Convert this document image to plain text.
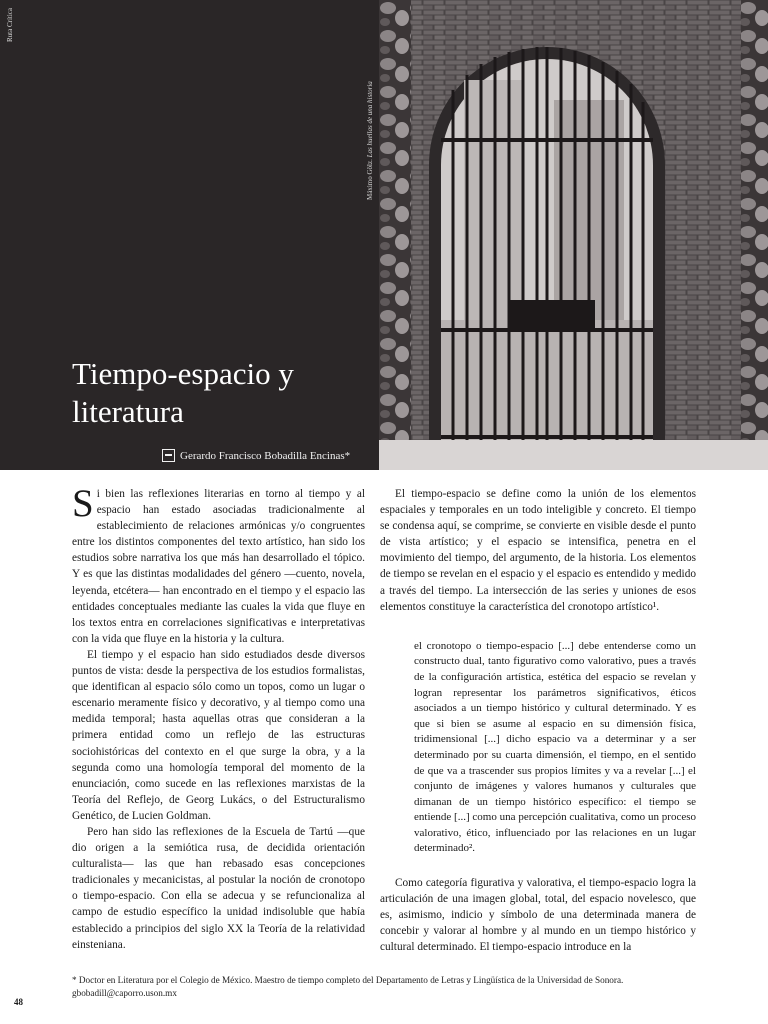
Ruta Crítica
Máximo Gölz. Las huellas de una historia
Tiempo-espacio y literatura
Gerardo Francisco Bobadilla Encinas*

Si bien las reflexiones literarias en torno al tiempo y al espacio han estado asociadas tradicionalmente al establecimiento de relaciones armónicas y/o congruentes entre los distintos componentes del texto artístico, han sido los estudios sobre narrativa los que más han desarrollado el tópico. Y es que las distintas modalidades del género —cuento, novela, leyenda, etcétera— han encontrado en el tiempo y el espacio las entidades conceptuales mediante las cuales la vida que fluye en los textos entra en correlaciones significativas e interpretativas con la vida que fluye en la historia y la cultura.

El tiempo y el espacio han sido estudiados desde diversos puntos de vista: desde la perspectiva de los estudios formalistas, que identifican al espacio sólo como un topos, como un lugar o escenario meramente físico y decorativo, y al tiempo como una medida temporal; hasta aquellas otras que consideran a la primera entidad como un reflejo de las estructuras sociohistóricas del contexto en el que surge la obra, y a la segunda como una homología temporal del momento de la enunciación, como sucede en las reflexiones marxistas de la Teoría del Reflejo, de Georg Lukács, o del Estructuralismo Genético, de Lucien Goldman.

Pero han sido las reflexiones de la Escuela de Tartú —que dio origen a la semiótica rusa, de decidida orientación culturalista— las que han rebasado esas concepciones tradicionales y mecanicistas, al postular la noción de cronotopo o tiempo-espacio. Con ella se adecua y se refuncionaliza al campo de estudio específico la unidad indisoluble que había establecido a principios del siglo XX la Teoría de la relatividad einsteniana.

El tiempo-espacio se define como la unión de los elementos espaciales y temporales en un todo inteligible y concreto. El tiempo se condensa aquí, se comprime, se convierte en visible desde el punto de vista artístico; y el espacio se intensifica, penetra en el movimiento del tiempo, del argumento, de la historia. Los elementos de tiempo se revelan en el espacio y el espacio es entendido y medido a través del tiempo. La intersección de las series y uniones de esos elementos constituye la característica del cronotopo artístico¹.

el cronotopo o tiempo-espacio [...] debe entenderse como un constructo dual, tanto figurativo como valorativo, pues a través de la configuración artística, estética del espacio se revelan y logran representar los parámetros significativos, éticos asociados a un tiempo histórico y cultural determinado. Y es que si bien se asume al espacio en su dimensión física, tridimensional [...] dicho espacio va a determinar y a ser determinado por su cuarta dimensión, el tiempo, en el sentido de que va a trascender sus propios límites y va a revelar [...] el conjunto de imágenes y valores humanos y culturales que dimanan de un tiempo histórico específico: el tiempo se entiende [...] como una percepción cualitativa, como un proceso valorativo, ético, influenciado por las relaciones en un lugar determinado².

Como categoría figurativa y valorativa, el tiempo-espacio logra la articulación de una imagen global, total, del espacio novelesco, que es, asimismo, indicio y símbolo de una determinada manera de concebir y valorar al hombre y al mundo en un tiempo histórico y cultural determinado. El tiempo-espacio introduce en la

* Doctor en Literatura por el Colegio de México. Maestro de tiempo completo del Departamento de Letras y Lingüística de la Universidad de Sonora.
gbobadill@caporro.uson.mx
48
